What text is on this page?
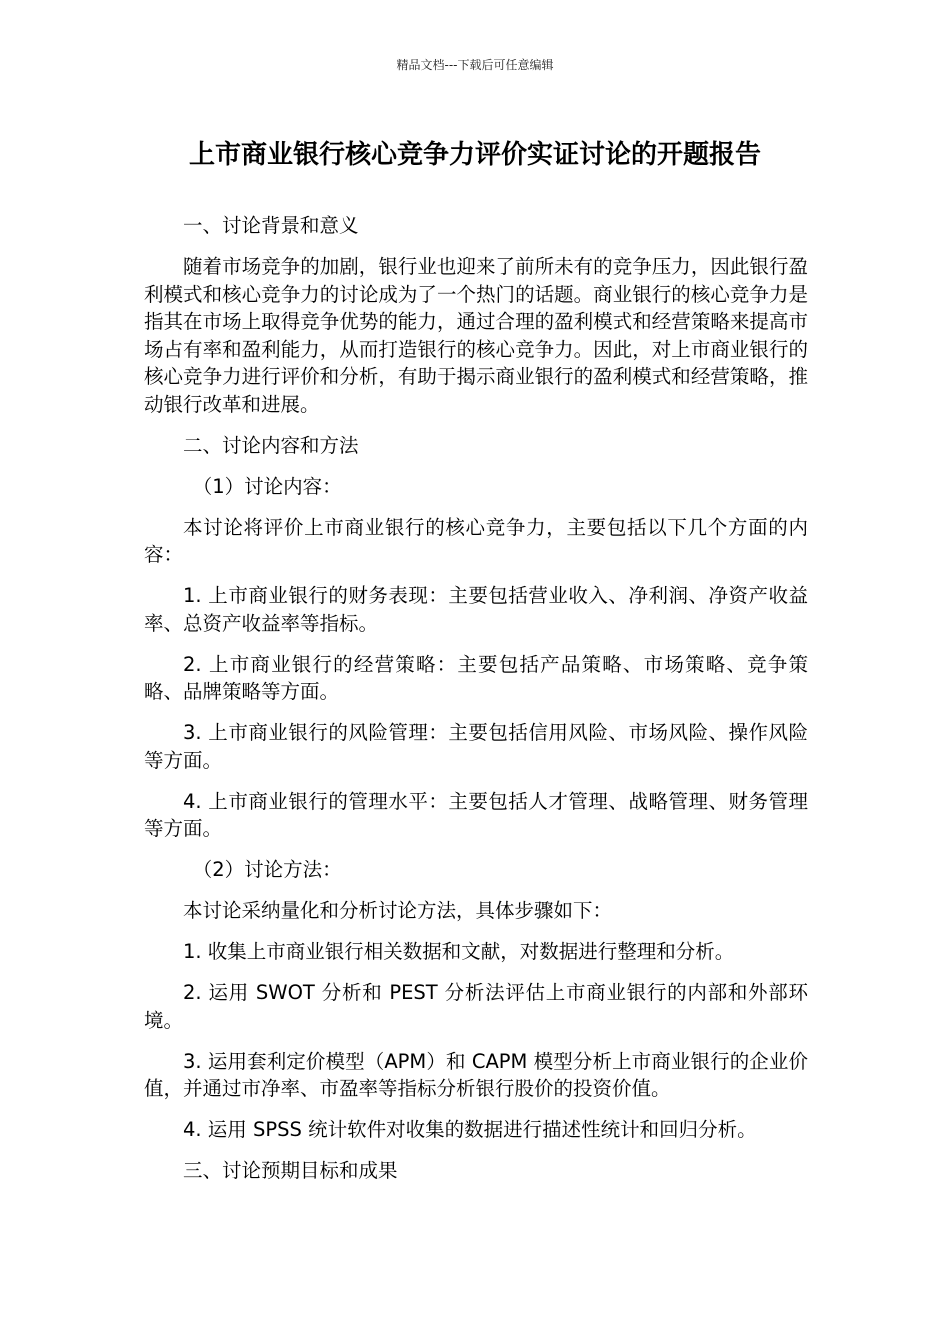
精品文档---下载后可任意编辑
上市商业银行核心竞争力评价实证讨论的开题报告

一、讨论背景和意义

随着市场竞争的加剧，银行业也迎来了前所未有的竞争压力，因此银行盈利模式和核心竞争力的讨论成为了一个热门的话题。商业银行的核心竞争力是指其在市场上取得竞争优势的能力，通过合理的盈利模式和经营策略来提高市场占有率和盈利能力，从而打造银行的核心竞争力。因此，对上市商业银行的核心竞争力进行评价和分析，有助于揭示商业银行的盈利模式和经营策略，推动银行改革和进展。

二、讨论内容和方法

（1）讨论内容：

本讨论将评价上市商业银行的核心竞争力，主要包括以下几个方面的内容：

1. 上市商业银行的财务表现：主要包括营业收入、净利润、净资产收益率、总资产收益率等指标。

2. 上市商业银行的经营策略：主要包括产品策略、市场策略、竞争策略、品牌策略等方面。

3. 上市商业银行的风险管理：主要包括信用风险、市场风险、操作风险等方面。

4. 上市商业银行的管理水平：主要包括人才管理、战略管理、财务管理等方面。

（2）讨论方法：

本讨论采纳量化和分析讨论方法，具体步骤如下：

1. 收集上市商业银行相关数据和文献，对数据进行整理和分析。

2. 运用 SWOT 分析和 PEST 分析法评估上市商业银行的内部和外部环境。

3. 运用套利定价模型（APM）和 CAPM 模型分析上市商业银行的企业价值，并通过市净率、市盈率等指标分析银行股价的投资价值。

4. 运用 SPSS 统计软件对收集的数据进行描述性统计和回归分析。

三、讨论预期目标和成果
